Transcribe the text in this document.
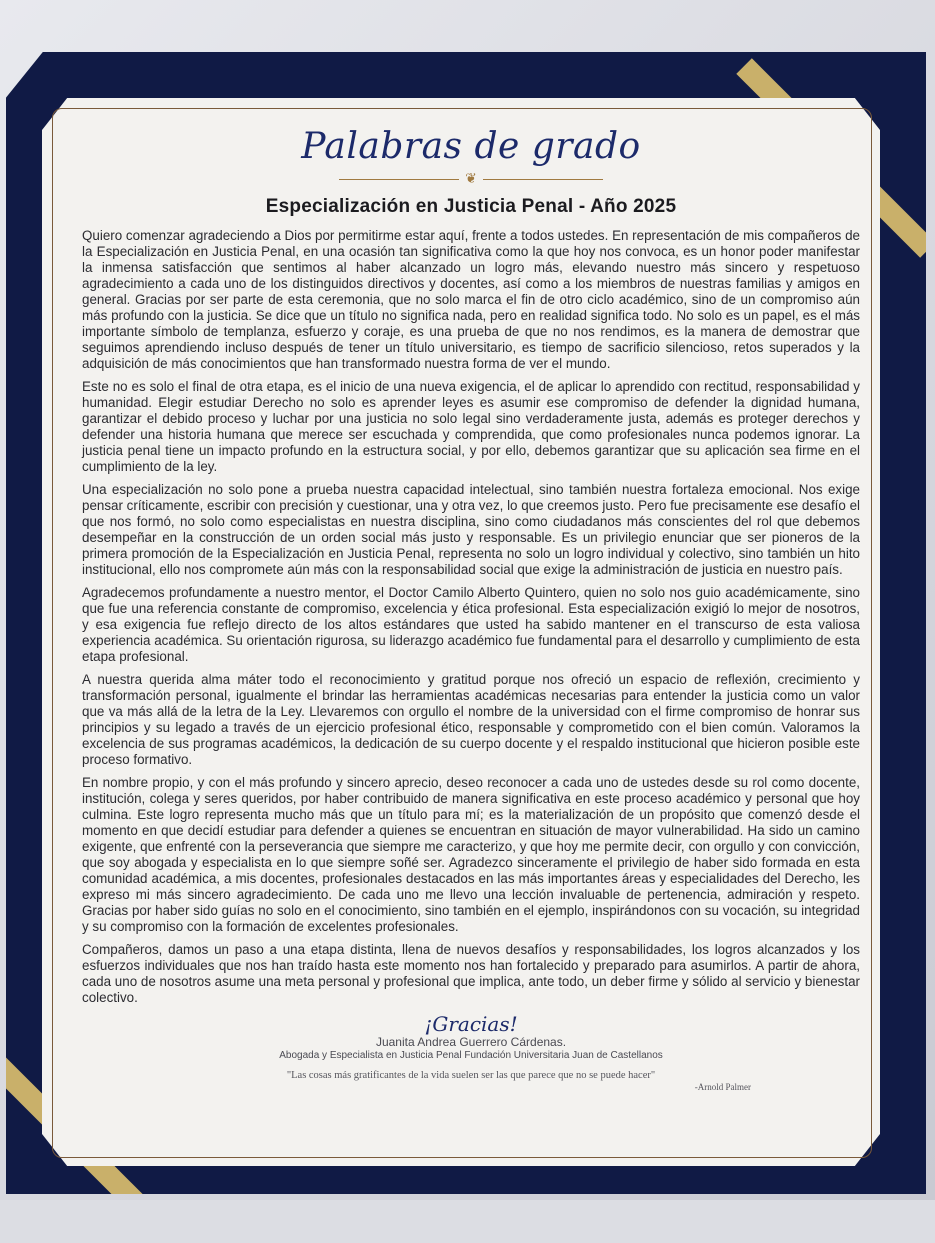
Palabras de grado
❦
Especialización en Justicia Penal - Año 2025

Quiero comenzar agradeciendo a Dios por permitirme estar aquí, frente a todos ustedes. En representación de mis compañeros de la Especialización en Justicia Penal, en una ocasión tan significativa como la que hoy nos convoca, es un honor poder manifestar la inmensa satisfacción que sentimos al haber alcanzado un logro más, elevando nuestro más sincero y respetuoso agradecimiento a cada uno de los distinguidos directivos y docentes, así como a los miembros de nuestras familias y amigos en general. Gracias por ser parte de esta ceremonia, que no solo marca el fin de otro ciclo académico, sino de un compromiso aún más profundo con la justicia. Se dice que un título no significa nada, pero en realidad significa todo. No solo es un papel, es el más importante símbolo de templanza, esfuerzo y coraje, es una prueba de que no nos rendimos, es la manera de demostrar que seguimos aprendiendo incluso después de tener un título universitario, es tiempo de sacrificio silencioso, retos superados y la adquisición de más conocimientos que han transformado nuestra forma de ver el mundo.

Este no es solo el final de otra etapa, es el inicio de una nueva exigencia, el de aplicar lo aprendido con rectitud, responsabilidad y humanidad. Elegir estudiar Derecho no solo es aprender leyes es asumir ese compromiso de defender la dignidad humana, garantizar el debido proceso y luchar por una justicia no solo legal sino verdaderamente justa, además es proteger derechos y defender una historia humana que merece ser escuchada y comprendida, que como profesionales nunca podemos ignorar. La justicia penal tiene un impacto profundo en la estructura social, y por ello, debemos garantizar que su aplicación sea firme en el cumplimiento de la ley.

Una especialización no solo pone a prueba nuestra capacidad intelectual, sino también nuestra fortaleza emocional. Nos exige pensar críticamente, escribir con precisión y cuestionar, una y otra vez, lo que creemos justo. Pero fue precisamente ese desafío el que nos formó, no solo como especialistas en nuestra disciplina, sino como ciudadanos más conscientes del rol que debemos desempeñar en la construcción de un orden social más justo y responsable. Es un privilegio enunciar que ser pioneros de la primera promoción de la Especialización en Justicia Penal, representa no solo un logro individual y colectivo, sino también un hito institucional, ello nos compromete aún más con la responsabilidad social que exige la administración de justicia en nuestro país.

Agradecemos profundamente a nuestro mentor, el Doctor Camilo Alberto Quintero, quien no solo nos guio académicamente, sino que fue una referencia constante de compromiso, excelencia y ética profesional. Esta especialización exigió lo mejor de nosotros, y esa exigencia fue reflejo directo de los altos estándares que usted ha sabido mantener en el transcurso de esta valiosa experiencia académica. Su orientación rigurosa, su liderazgo académico fue fundamental para el desarrollo y cumplimiento de esta etapa profesional.

A nuestra querida alma máter todo el reconocimiento y gratitud porque nos ofreció un espacio de reflexión, crecimiento y transformación personal, igualmente el brindar las herramientas académicas necesarias para entender la justicia como un valor que va más allá de la letra de la Ley. Llevaremos con orgullo el nombre de la universidad con el firme compromiso de honrar sus principios y su legado a través de un ejercicio profesional ético, responsable y comprometido con el bien común. Valoramos la excelencia de sus programas académicos, la dedicación de su cuerpo docente y el respaldo institucional que hicieron posible este proceso formativo.

En nombre propio, y con el más profundo y sincero aprecio, deseo reconocer a cada uno de ustedes desde su rol como docente, institución, colega y seres queridos, por haber contribuido de manera significativa en este proceso académico y personal que hoy culmina. Este logro representa mucho más que un título para mí; es la materialización de un propósito que comenzó desde el momento en que decidí estudiar para defender a quienes se encuentran en situación de mayor vulnerabilidad. Ha sido un camino exigente, que enfrenté con la perseverancia que siempre me caracterizo, y que hoy me permite decir, con orgullo y con convicción, que soy abogada y especialista en lo que siempre soñé ser. Agradezco sinceramente el privilegio de haber sido formada en esta comunidad académica, a mis docentes, profesionales destacados en las más importantes áreas y especialidades del Derecho, les expreso mi más sincero agradecimiento. De cada uno me llevo una lección invaluable de pertenencia, admiración y respeto. Gracias por haber sido guías no solo en el conocimiento, sino también en el ejemplo, inspirándonos con su vocación, su integridad y su compromiso con la formación de excelentes profesionales.

Compañeros, damos un paso a una etapa distinta, llena de nuevos desafíos y responsabilidades, los logros alcanzados y los esfuerzos individuales que nos han traído hasta este momento nos han fortalecido y preparado para asumirlos. A partir de ahora, cada uno de nosotros asume una meta personal y profesional que implica, ante todo, un deber firme y sólido al servicio y bienestar colectivo.

¡Gracias!
Juanita Andrea Guerrero Cárdenas.
Abogada y Especialista en Justicia Penal Fundación Universitaria Juan de Castellanos
"Las cosas más gratificantes de la vida suelen ser las que parece que no se puede hacer"
-Arnold Palmer
